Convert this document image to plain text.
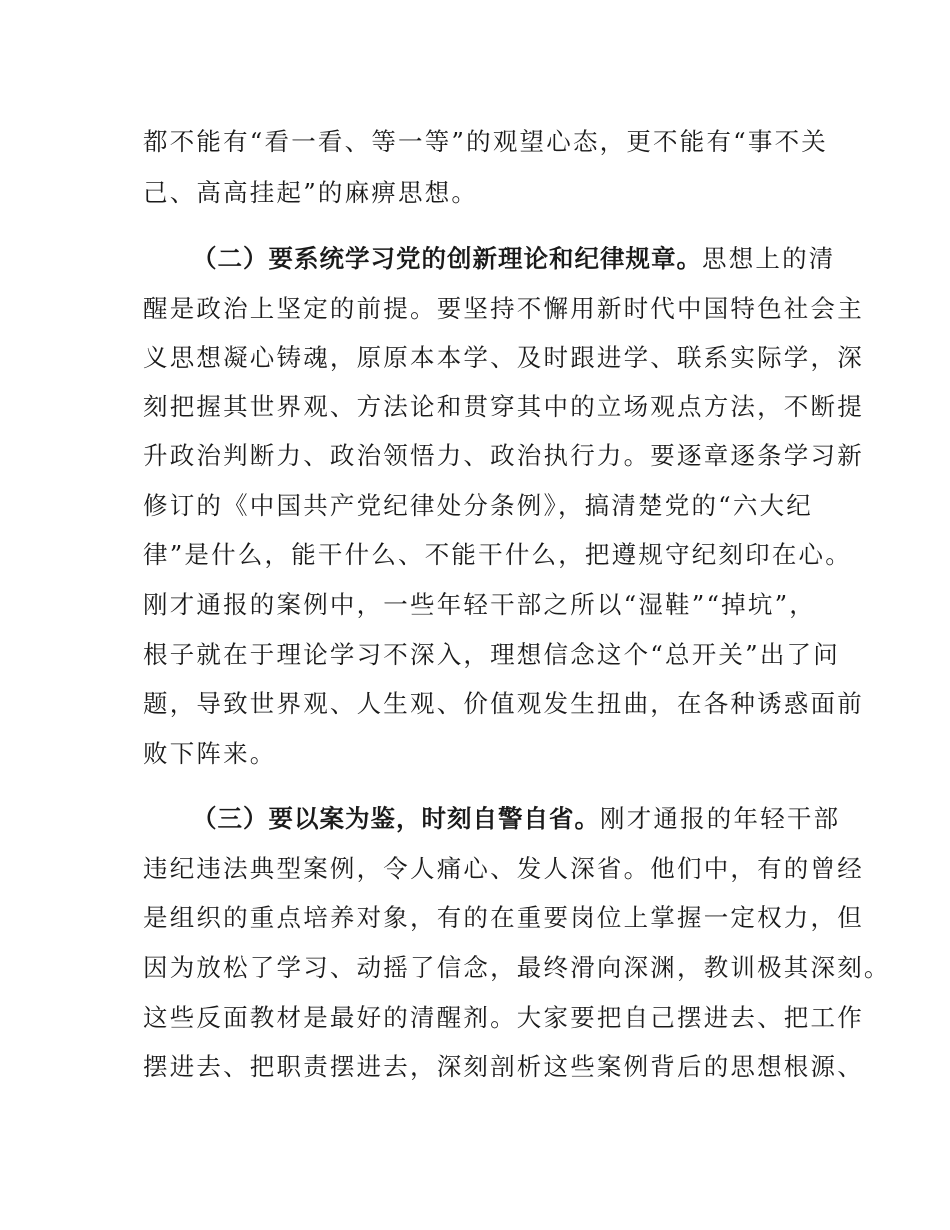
都不能有“看一看、等一等”的观望心态，更不能有“事不关
己、高高挂起”的麻痹思想。
（二）要系统学习党的创新理论和纪律规章。思想上的清
醒是政治上坚定的前提。要坚持不懈用新时代中国特色社会主
义思想凝心铸魂，原原本本学、及时跟进学、联系实际学，深
刻把握其世界观、方法论和贯穿其中的立场观点方法，不断提
升政治判断力、政治领悟力、政治执行力。要逐章逐条学习新
修订的《中国共产党纪律处分条例》，搞清楚党的“六大纪
律”是什么，能干什么、不能干什么，把遵规守纪刻印在心。
刚才通报的案例中，一些年轻干部之所以“湿鞋”“掉坑”，
根子就在于理论学习不深入，理想信念这个“总开关”出了问
题，导致世界观、人生观、价值观发生扭曲，在各种诱惑面前
败下阵来。
（三）要以案为鉴，时刻自警自省。刚才通报的年轻干部
违纪违法典型案例，令人痛心、发人深省。他们中，有的曾经
是组织的重点培养对象，有的在重要岗位上掌握一定权力，但
因为放松了学习、动摇了信念，最终滑向深渊，教训极其深刻。
这些反面教材是最好的清醒剂。大家要把自己摆进去、把工作
摆进去、把职责摆进去，深刻剖析这些案例背后的思想根源、
